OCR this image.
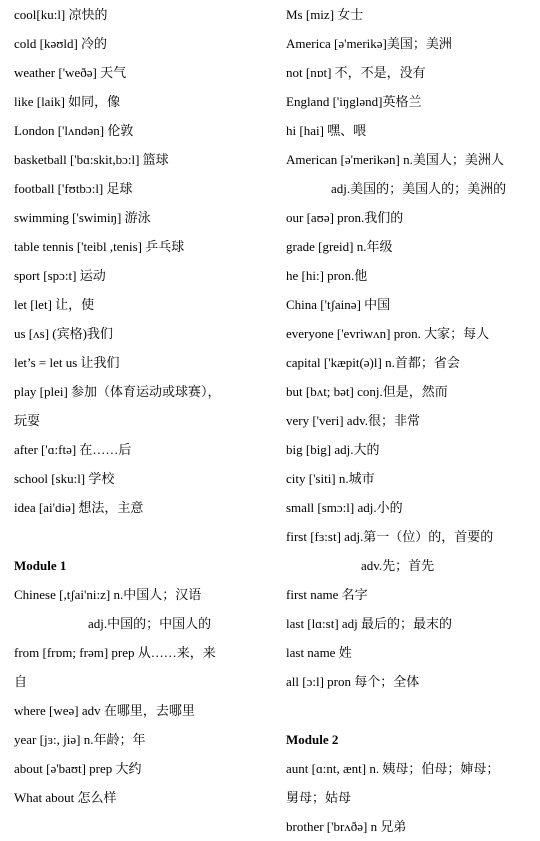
cool[ku:l] 凉快的
cold [kəʊld] 冷的
weather ['weðə] 天气
like [laik] 如同，像
London ['lʌndən] 伦敦
basketball ['bɑ:skit,bɔ:l] 篮球
football ['fʊtbɔ:l] 足球
swimming ['swimiŋ] 游泳
table tennis ['teibl ,tenis] 乒乓球
sport [spɔ:t] 运动
let [let] 让，使
us [ʌs] (宾格)我们
let’s = let us 让我们
play [plei] 参加（体育运动或球赛），
玩耍
after ['ɑ:ftə] 在……后
school [sku:l] 学校
idea [ai'diə] 想法，主意
Module 1
Chinese [,tʃai'ni:z] n.中国人；汉语
adj.中国的；中国人的
from [frɒm; frəm] prep 从……来，来
自
where [weə] adv 在哪里，去哪里
year [jɜ:, jiə] n.年龄；年
about [ə'baʊt] prep 大约
What about 怎么样
Ms [miz] 女士
America [ə'merikə]美国；美洲
not [nɒt] 不，不是，没有
England ['iŋglənd]英格兰
hi [hai] 嘿、喂
American [ə'merikən] n.美国人；美洲人
adj.美国的；美国人的；美洲的
our [aʊə] pron.我们的
grade [greid] n.年级
he [hi:] pron.他
China ['tʃainə] 中国
everyone ['evriwʌn] pron. 大家；每人
capital ['kæpit(ə)l] n.首都；省会
but [bʌt; bət] conj.但是，然而
very ['veri] adv.很；非常
big [big] adj.大的
city ['siti] n.城市
small [smɔ:l] adj.小的
first [fɜ:st] adj.第一（位）的，首要的
adv.先；首先
first name 名字
last [lɑ:st] adj 最后的；最末的
last name 姓
all [ɔ:l] pron 每个；全体
Module 2
aunt [ɑ:nt, ænt] n. 姨母；伯母；婶母；
舅母；姑母
brother ['brʌðə] n 兄弟
